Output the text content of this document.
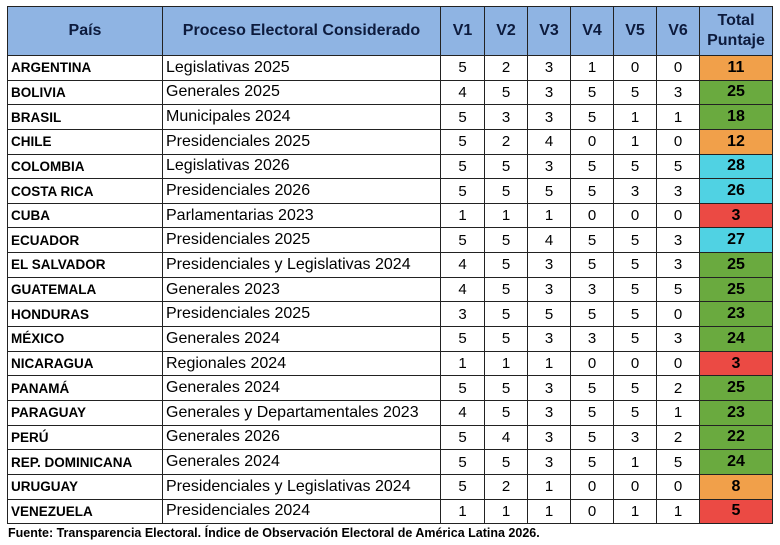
País	Proceso Electoral Considerado	V1	V2	V3	V4	V5	V6	Total Puntaje
ARGENTINA	Legislativas 2025	5	2	3	1	0	0	11
BOLIVIA	Generales 2025	4	5	3	5	5	3	25
BRASIL	Municipales 2024	5	3	3	5	1	1	18
CHILE	Presidenciales 2025	5	2	4	0	1	0	12
COLOMBIA	Legislativas 2026	5	5	3	5	5	5	28
COSTA RICA	Presidenciales 2026	5	5	5	5	3	3	26
CUBA	Parlamentarias 2023	1	1	1	0	0	0	3
ECUADOR	Presidenciales 2025	5	5	4	5	5	3	27
EL SALVADOR	Presidenciales y Legislativas 2024	4	5	3	5	5	3	25
GUATEMALA	Generales 2023	4	5	3	3	5	5	25
HONDURAS	Presidenciales 2025	3	5	5	5	5	0	23
MÉXICO	Generales 2024	5	5	3	3	5	3	24
NICARAGUA	Regionales 2024	1	1	1	0	0	0	3
PANAMÁ	Generales 2024	5	5	3	5	5	2	25
PARAGUAY	Generales y Departamentales 2023	4	5	3	5	5	1	23
PERÚ	Generales 2026	5	4	3	5	3	2	22
REP. DOMINICANA	Generales 2024	5	5	3	5	1	5	24
URUGUAY	Presidenciales y Legislativas 2024	5	2	1	0	0	0	8
VENEZUELA	Presidenciales 2024	1	1	1	0	1	1	5
Fuente: Transparencia Electoral. Índice de Observación Electoral de América Latina 2026.
